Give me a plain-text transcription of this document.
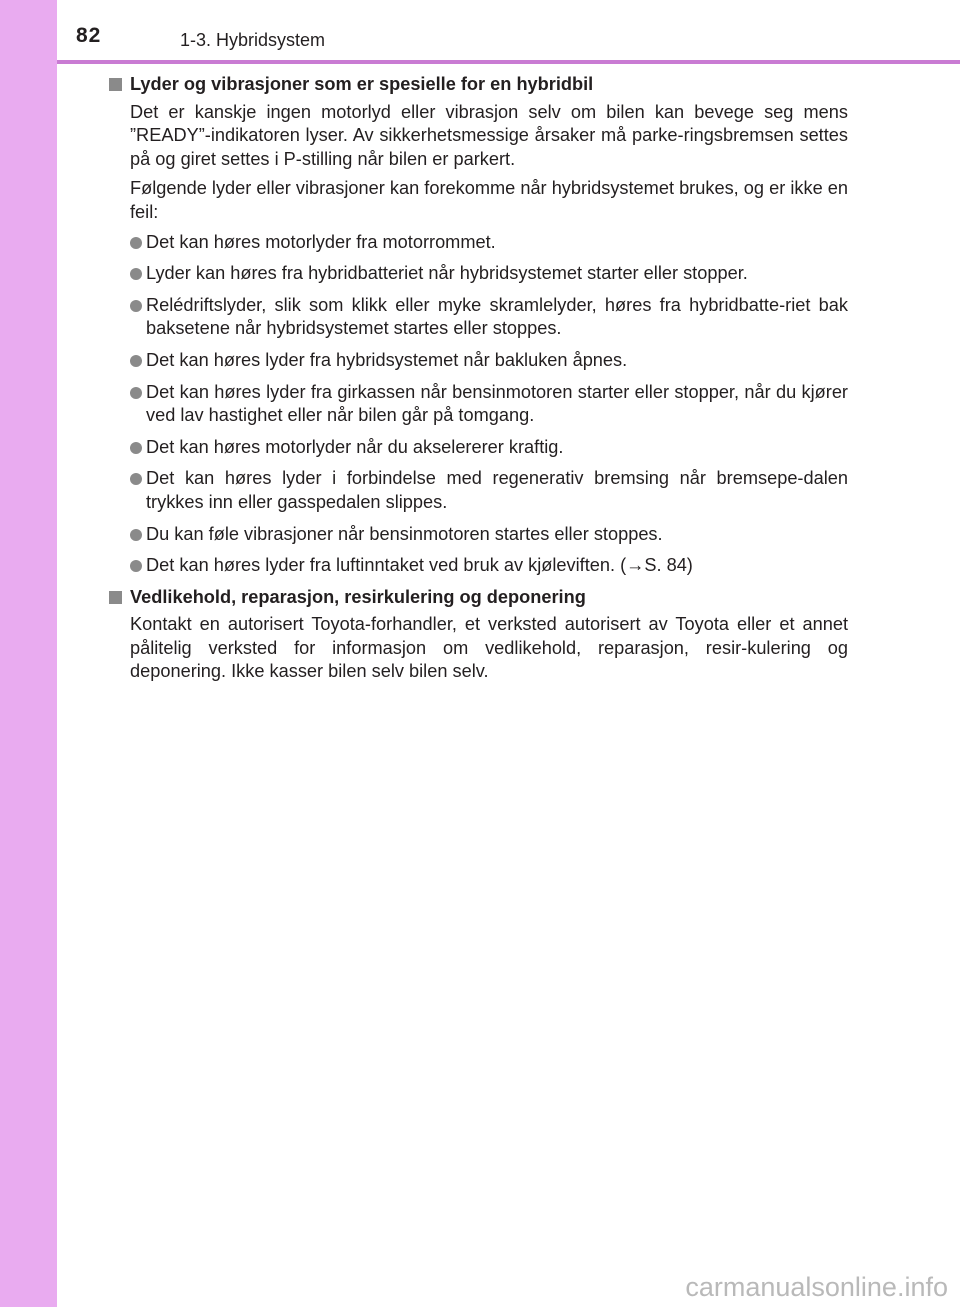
82	1-3. Hybridsystem
Lyder og vibrasjoner som er spesielle for en hybridbil

Det er kanskje ingen motorlyd eller vibrasjon selv om bilen kan bevege seg mens ”READY”-indikatoren lyser. Av sikkerhetsmessige årsaker må parke-ringsbremsen settes på og giret settes i P-stilling når bilen er parkert.

Følgende lyder eller vibrasjoner kan forekomme når hybridsystemet brukes, og er ikke en feil:

Det kan høres motorlyder fra motorrommet.
Lyder kan høres fra hybridbatteriet når hybridsystemet starter eller stopper.
Relédriftslyder, slik som klikk eller myke skramlelyder, høres fra hybridbatte-riet bak baksetene når hybridsystemet startes eller stoppes.
Det kan høres lyder fra hybridsystemet når bakluken åpnes.
Det kan høres lyder fra girkassen når bensinmotoren starter eller stopper, når du kjører ved lav hastighet eller når bilen går på tomgang.
Det kan høres motorlyder når du akselererer kraftig.
Det kan høres lyder i forbindelse med regenerativ bremsing når bremsepe-dalen trykkes inn eller gasspedalen slippes.
Du kan føle vibrasjoner når bensinmotoren startes eller stoppes.
Det kan høres lyder fra luftinntaket ved bruk av kjøleviften. (→S. 84)
Vedlikehold, reparasjon, resirkulering og deponering

Kontakt en autorisert Toyota-forhandler, et verksted autorisert av Toyota eller et annet pålitelig verksted for informasjon om vedlikehold, reparasjon, resir-kulering og deponering. Ikke kasser bilen selv bilen selv.

carmanualsonline.info
